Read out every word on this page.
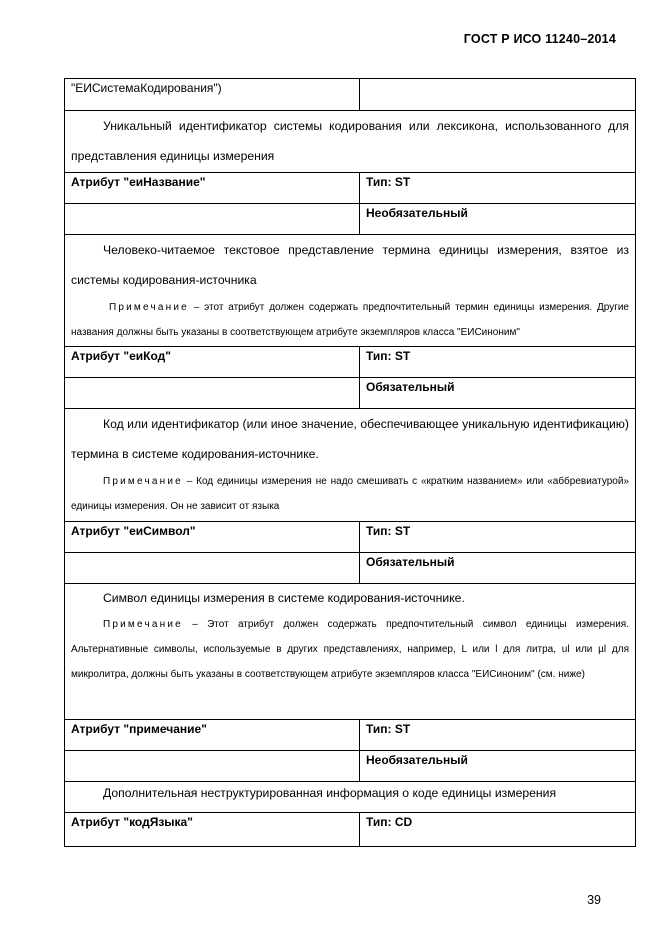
ГОСТ Р ИСО 11240–2014
"ЕИСистемаКодирования")	

Уникальный идентификатор системы кодирования или лексикона, использованного для представления единицы измерения	

Атрибут "еиНазвание"	Тип: ST

	Необязательный

Человеко-читаемое текстовое представление термина единицы измерения, взятое из системы кодирования-источника
Примечание – этот атрибут должен содержать предпочтительный термин единицы измерения. Другие названия должны быть указаны в соответствующем атрибуте экземпляров класса "ЕИСиноним"	

Атрибут "еиКод"	Тип: ST

	Обязательный

Код или идентификатор (или иное значение, обеспечивающее уникальную идентификацию) термина в системе кодирования-источнике.
Примечание – Код единицы измерения не надо смешивать с «кратким названием» или «аббревиатурой» единицы измерения. Он не зависит от языка	

Атрибут "еиСимвол"	Тип: ST

	Обязательный

Символ единицы измерения в системе кодирования-источнике.
Примечание – Этот атрибут должен содержать предпочтительный символ единицы измерения. Альтернативные символы, используемые в других представлениях, например, L или l для литра, ul или µl для микролитра, должны быть указаны в соответствующем атрибуте экземпляров класса "ЕИСиноним" (см. ниже)	

Атрибут "примечание"	Тип: ST

	Необязательный

Дополнительная неструктурированная информация о коде единицы измерения	

Атрибут "кодЯзыка"	Тип: CD
39
